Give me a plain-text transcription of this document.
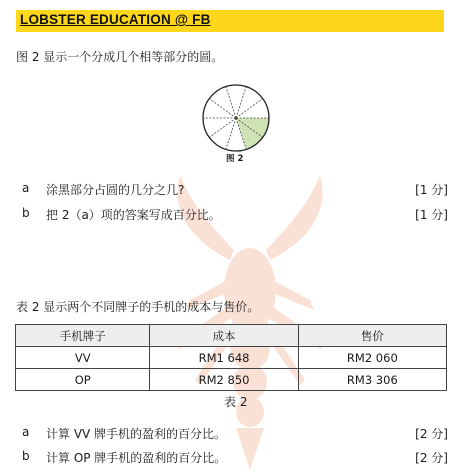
LOBSTER EDUCATION @ FB
图 2 显示一个分成几个相等部分的圆。
图 2
a 涂黑部分占圆的几分之几?	[1 分]
b 把 2（a）项的答案写成百分比。	[1 分]
表 2 显示两个不同牌子的手机的成本与售价。
手机牌子	成本	售价
VV	RM1 648	RM2 060
OP	RM2 850	RM3 306
表 2
a 计算 VV 牌手机的盈利的百分比。	[2 分]
b 计算 OP 牌手机的盈利的百分比。	[2 分]
